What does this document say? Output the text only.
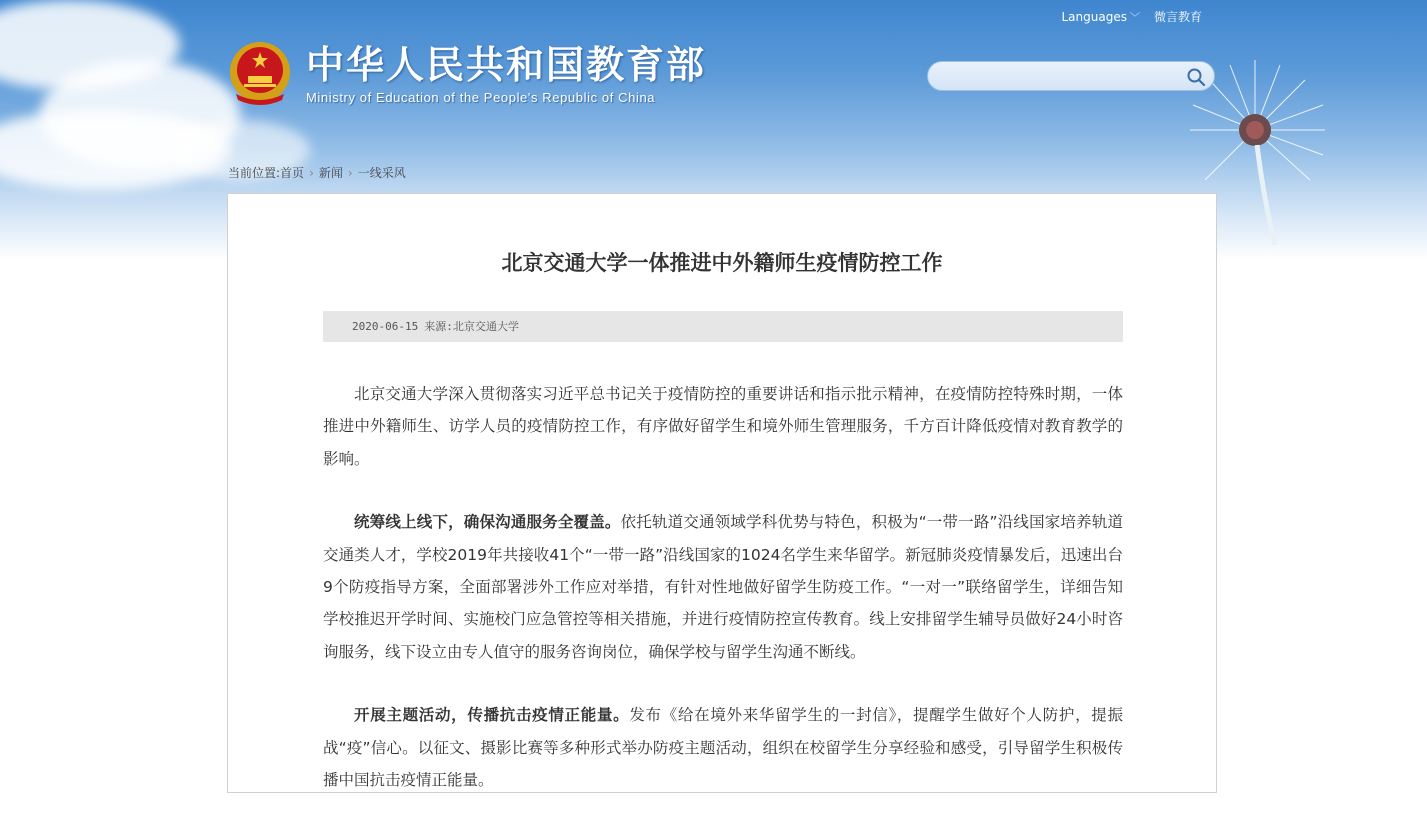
Languages ﹀ 微言教育
中华人民共和国教育部
Ministry of Education of the People's Republic of China
当前位置:首页 › 新闻 › 一线采风
北京交通大学一体推进中外籍师生疫情防控工作
2020-06-15 来源:北京交通大学

北京交通大学深入贯彻落实习近平总书记关于疫情防控的重要讲话和指示批示精神，在疫情防控特殊时期，一体推进中外籍师生、访学人员的疫情防控工作，有序做好留学生和境外师生管理服务，千方百计降低疫情对教育教学的影响。

统筹线上线下，确保沟通服务全覆盖。依托轨道交通领域学科优势与特色，积极为“一带一路”沿线国家培养轨道交通类人才，学校2019年共接收41个“一带一路”沿线国家的1024名学生来华留学。新冠肺炎疫情暴发后，迅速出台9个防疫指导方案，全面部署涉外工作应对举措，有针对性地做好留学生防疫工作。“一对一”联络留学生，详细告知学校推迟开学时间、实施校门应急管控等相关措施，并进行疫情防控宣传教育。线上安排留学生辅导员做好24小时咨询服务，线下设立由专人值守的服务咨询岗位，确保学校与留学生沟通不断线。

开展主题活动，传播抗击疫情正能量。发布《给在境外来华留学生的一封信》，提醒学生做好个人防护，提振战“疫”信心。以征文、摄影比赛等多种形式举办防疫主题活动，组织在校留学生分享经验和感受，引导留学生积极传播中国抗击疫情正能量。
